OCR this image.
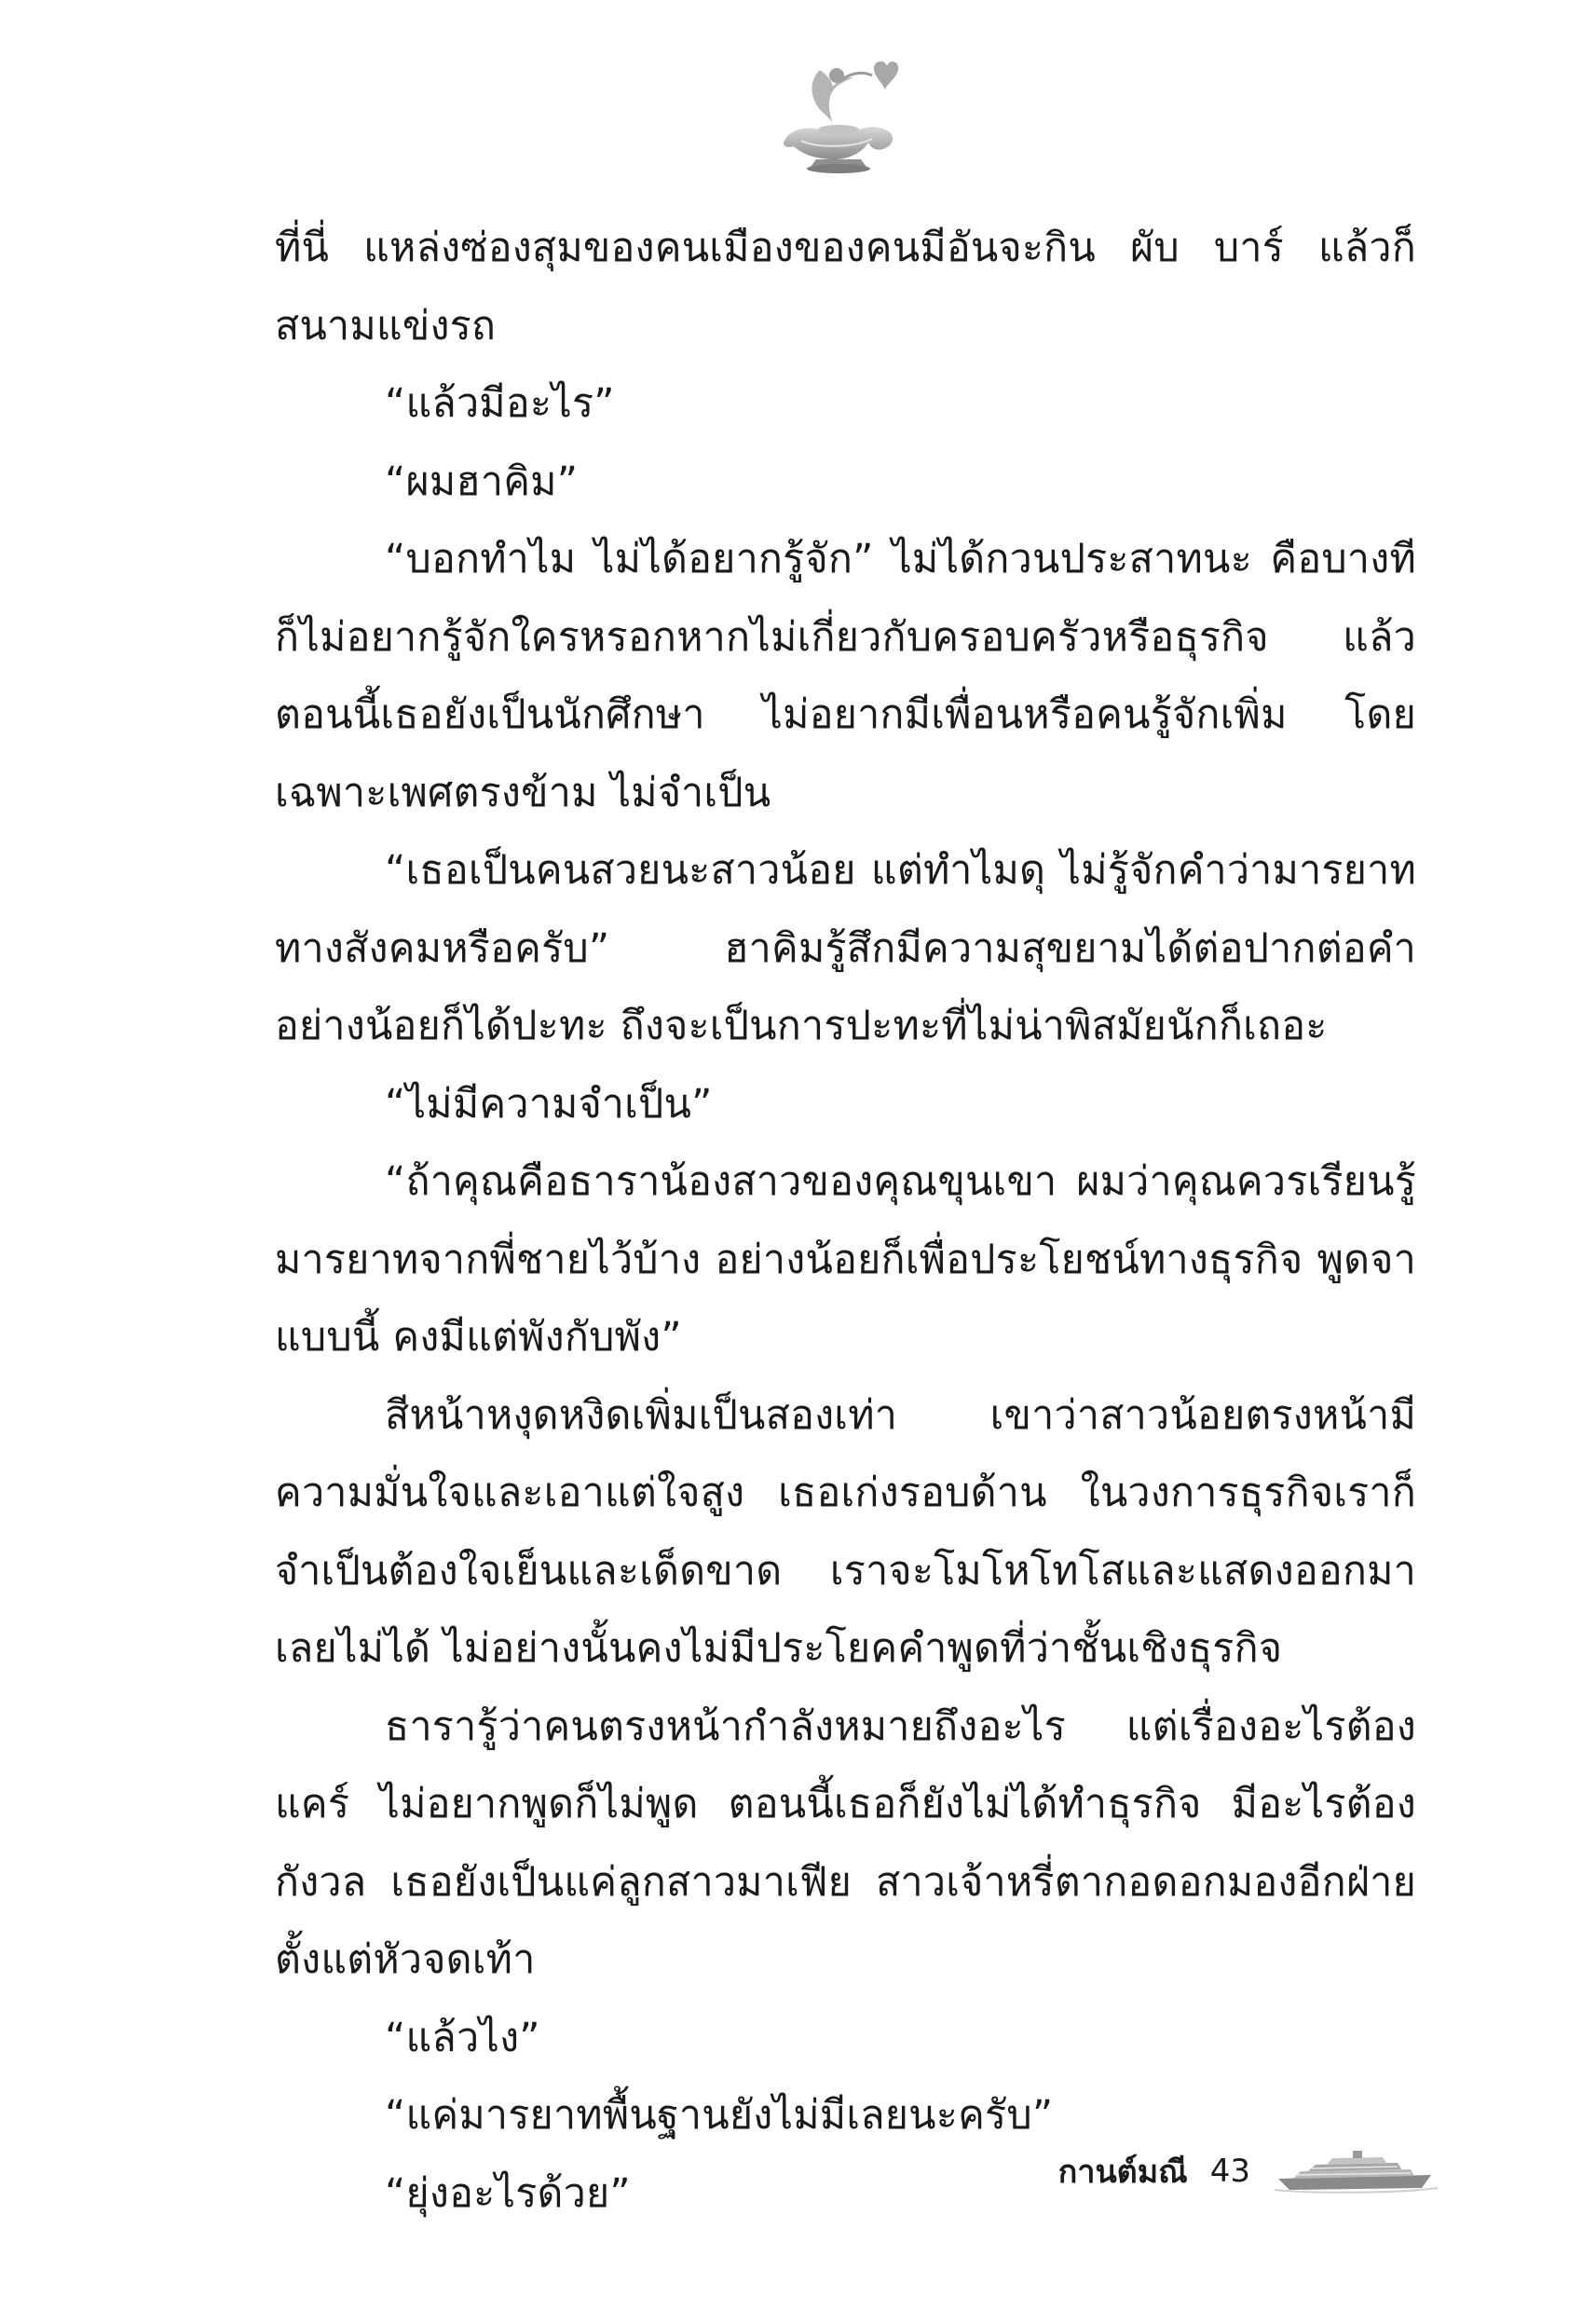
ที่นี่ แหล่งซ่องสุมของคนเมืองของคนมีอันจะกิน ผับ บาร์ แล้วก็สนามแข่งรถ

“แล้วมีอะไร”

“ผมฮาคิม”

“บอกทำไม ไม่ได้อยากรู้จัก” ไม่ได้กวนประสาทนะ คือบางทีก็ไม่อยากรู้จักใครหรอกหากไม่เกี่ยวกับครอบครัวหรือธุรกิจ แล้วตอนนี้เธอยังเป็นนักศึกษา ไม่อยากมีเพื่อนหรือคนรู้จักเพิ่ม โดยเฉพาะเพศตรงข้าม ไม่จำเป็น

“เธอเป็นคนสวยนะสาวน้อย แต่ทำไมดุ ไม่รู้จักคำว่ามารยาททางสังคมหรือครับ” ฮาคิมรู้สึกมีความสุขยามได้ต่อปากต่อคำ อย่างน้อยก็ได้ปะทะ ถึงจะเป็นการปะทะที่ไม่น่าพิสมัยนักก็เถอะ

“ไม่มีความจำเป็น”

“ถ้าคุณคือธาราน้องสาวของคุณขุนเขา ผมว่าคุณควรเรียนรู้มารยาทจากพี่ชายไว้บ้าง อย่างน้อยก็เพื่อประโยชน์ทางธุรกิจ พูดจาแบบนี้ คงมีแต่พังกับพัง”

สีหน้าหงุดหงิดเพิ่มเป็นสองเท่า เขาว่าสาวน้อยตรงหน้ามีความมั่นใจและเอาแต่ใจสูง เธอเก่งรอบด้าน ในวงการธุรกิจเราก็จำเป็นต้องใจเย็นและเด็ดขาด เราจะโมโหโทโสและแสดงออกมาเลยไม่ได้ ไม่อย่างนั้นคงไม่มีประโยคคำพูดที่ว่าชั้นเชิงธุรกิจ

ธารารู้ว่าคนตรงหน้ากำลังหมายถึงอะไร แต่เรื่องอะไรต้องแคร์ ไม่อยากพูดก็ไม่พูด ตอนนี้เธอก็ยังไม่ได้ทำธุรกิจ มีอะไรต้องกังวล เธอยังเป็นแค่ลูกสาวมาเฟีย สาวเจ้าหรี่ตากอดอกมองอีกฝ่ายตั้งแต่หัวจดเท้า

“แล้วไง”

“แค่มารยาทพื้นฐานยังไม่มีเลยนะครับ”

“ยุ่งอะไรด้วย”	กานต์มณี 43
